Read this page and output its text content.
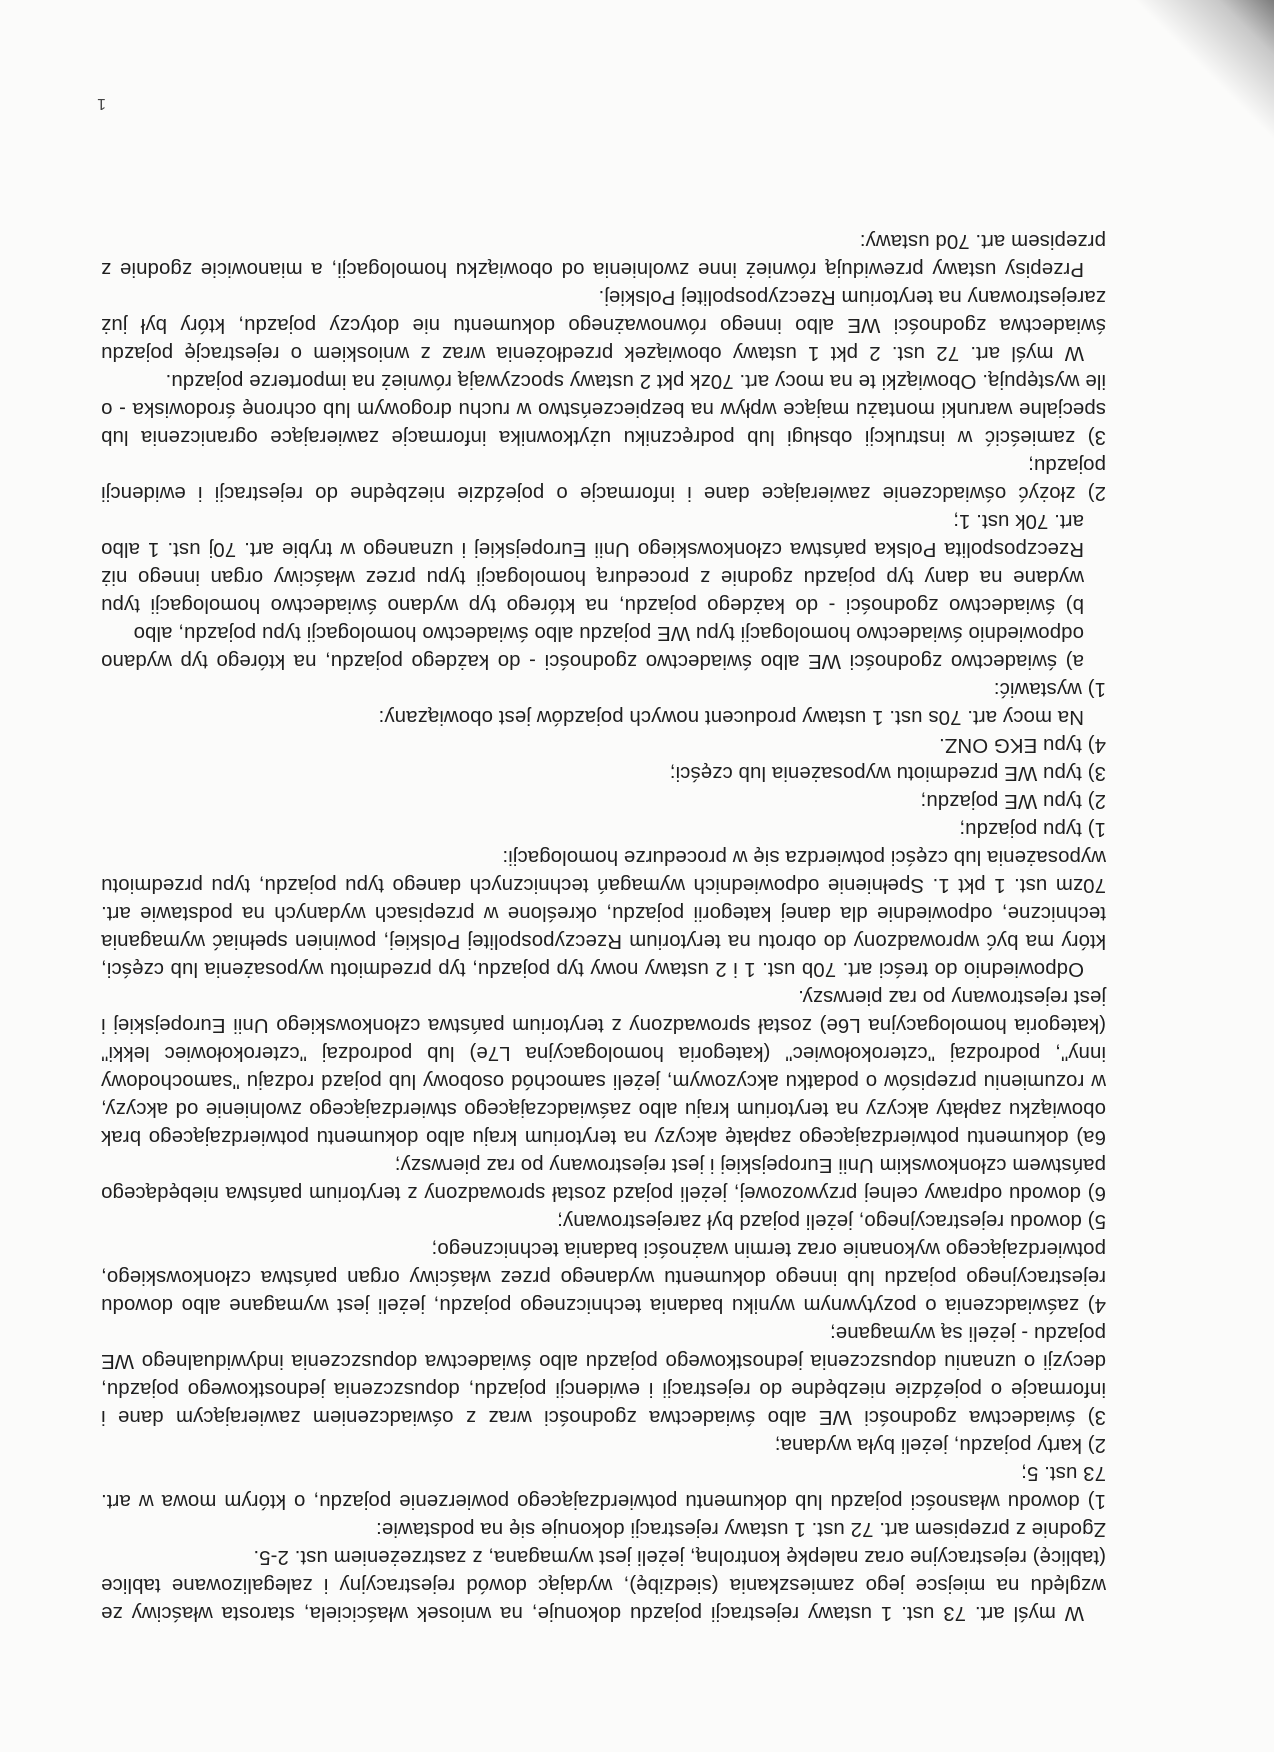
W myśl art. 73 ust. 1 ustawy rejestracji pojazdu dokonuje, na wniosek właściciela, starosta właściwy ze względu na miejsce jego zamieszkania (siedzibę), wydając dowód rejestracyjny i zalegalizowane tablice (tablicę) rejestracyjne oraz nalepkę kontrolną, jeżeli jest wymagana, z zastrzeżeniem ust. 2-5.

Zgodnie z przepisem art. 72 ust. 1 ustawy rejestracji dokonuje się na podstawie:

1) dowodu własności pojazdu lub dokumentu potwierdzającego powierzenie pojazdu, o którym mowa w art. 73 ust. 5;

2) karty pojazdu, jeżeli była wydana;

3) świadectwa zgodności WE albo świadectwa zgodności wraz z oświadczeniem zawierającym dane i informacje o pojeździe niezbędne do rejestracji i ewidencji pojazdu, dopuszczenia jednostkowego pojazdu, decyzji o uznaniu dopuszczenia jednostkowego pojazdu albo świadectwa dopuszczenia indywidualnego WE pojazdu - jeżeli są wymagane;

4) zaświadczenia o pozytywnym wyniku badania technicznego pojazdu, jeżeli jest wymagane albo dowodu rejestracyjnego pojazdu lub innego dokumentu wydanego przez właściwy organ państwa członkowskiego, potwierdzającego wykonanie oraz termin ważności badania technicznego;

5) dowodu rejestracyjnego, jeżeli pojazd był zarejestrowany;

6) dowodu odprawy celnej przywozowej, jeżeli pojazd został sprowadzony z terytorium państwa niebędącego państwem członkowskim Unii Europejskiej i jest rejestrowany po raz pierwszy;

6a) dokumentu potwierdzającego zapłatę akcyzy na terytorium kraju albo dokumentu potwierdzającego brak obowiązku zapłaty akcyzy na terytorium kraju albo zaświadczającego stwierdzającego zwolnienie od akcyzy, w rozumieniu przepisów o podatku akcyzowym, jeżeli samochód osobowy lub pojazd rodzaju "samochodowy inny", podrodzaj "czterokołowiec" (kategoria homologacyjna L7e) lub podrodzaj "czterokołowiec lekki" (kategoria homologacyjna L6e) został sprowadzony z terytorium państwa członkowskiego Unii Europejskiej i jest rejestrowany po raz pierwszy.

Odpowiednio do treści art. 70b ust. 1 i 2 ustawy nowy typ pojazdu, typ przedmiotu wyposażenia lub części, który ma być wprowadzony do obrotu na terytorium Rzeczypospolitej Polskiej, powinien spełniać wymagania techniczne, odpowiednie dla danej kategorii pojazdu, określone w przepisach wydanych na podstawie art. 70zm ust. 1 pkt 1. Spełnienie odpowiednich wymagań technicznych danego typu pojazdu, typu przedmiotu wyposażenia lub części potwierdza się w procedurze homologacji:

1) typu pojazdu;

2) typu WE pojazdu;

3) typu WE przedmiotu wyposażenia lub części;

4) typu EKG ONZ.

Na mocy art. 70s ust. 1 ustawy producent nowych pojazdów jest obowiązany:

1) wystawić:

a) świadectwo zgodności WE albo świadectwo zgodności - do każdego pojazdu, na którego typ wydano odpowiednio świadectwo homologacji typu WE pojazdu albo świadectwo homologacji typu pojazdu, albo

b) świadectwo zgodności - do każdego pojazdu, na którego typ wydano świadectwo homologacji typu wydane na dany typ pojazdu zgodnie z procedurą homologacji typu przez właściwy organ innego niż Rzeczpospolita Polska państwa członkowskiego Unii Europejskiej i uznanego w trybie art. 70j ust. 1 albo art. 70k ust. 1;

2) złożyć oświadczenie zawierające dane i informacje o pojeździe niezbędne do rejestracji i ewidencji pojazdu;

3) zamieścić w instrukcji obsługi lub podręczniku użytkownika informacje zawierające ograniczenia lub specjalne warunki montażu mające wpływ na bezpieczeństwo w ruchu drogowym lub ochronę środowiska - o ile występują. Obowiązki te na mocy art. 70zk pkt 2 ustawy spoczywają również na importerze pojazdu.

W myśl art. 72 ust. 2 pkt 1 ustawy obowiązek przedłożenia wraz z wnioskiem o rejestrację pojazdu świadectwa zgodności WE albo innego równoważnego dokumentu nie dotyczy pojazdu, który był już zarejestrowany na terytorium Rzeczypospolitej Polskiej.

Przepisy ustawy przewidują również inne zwolnienia od obowiązku homologacji, a mianowicie zgodnie z przepisem art. 70d ustawy:

1
